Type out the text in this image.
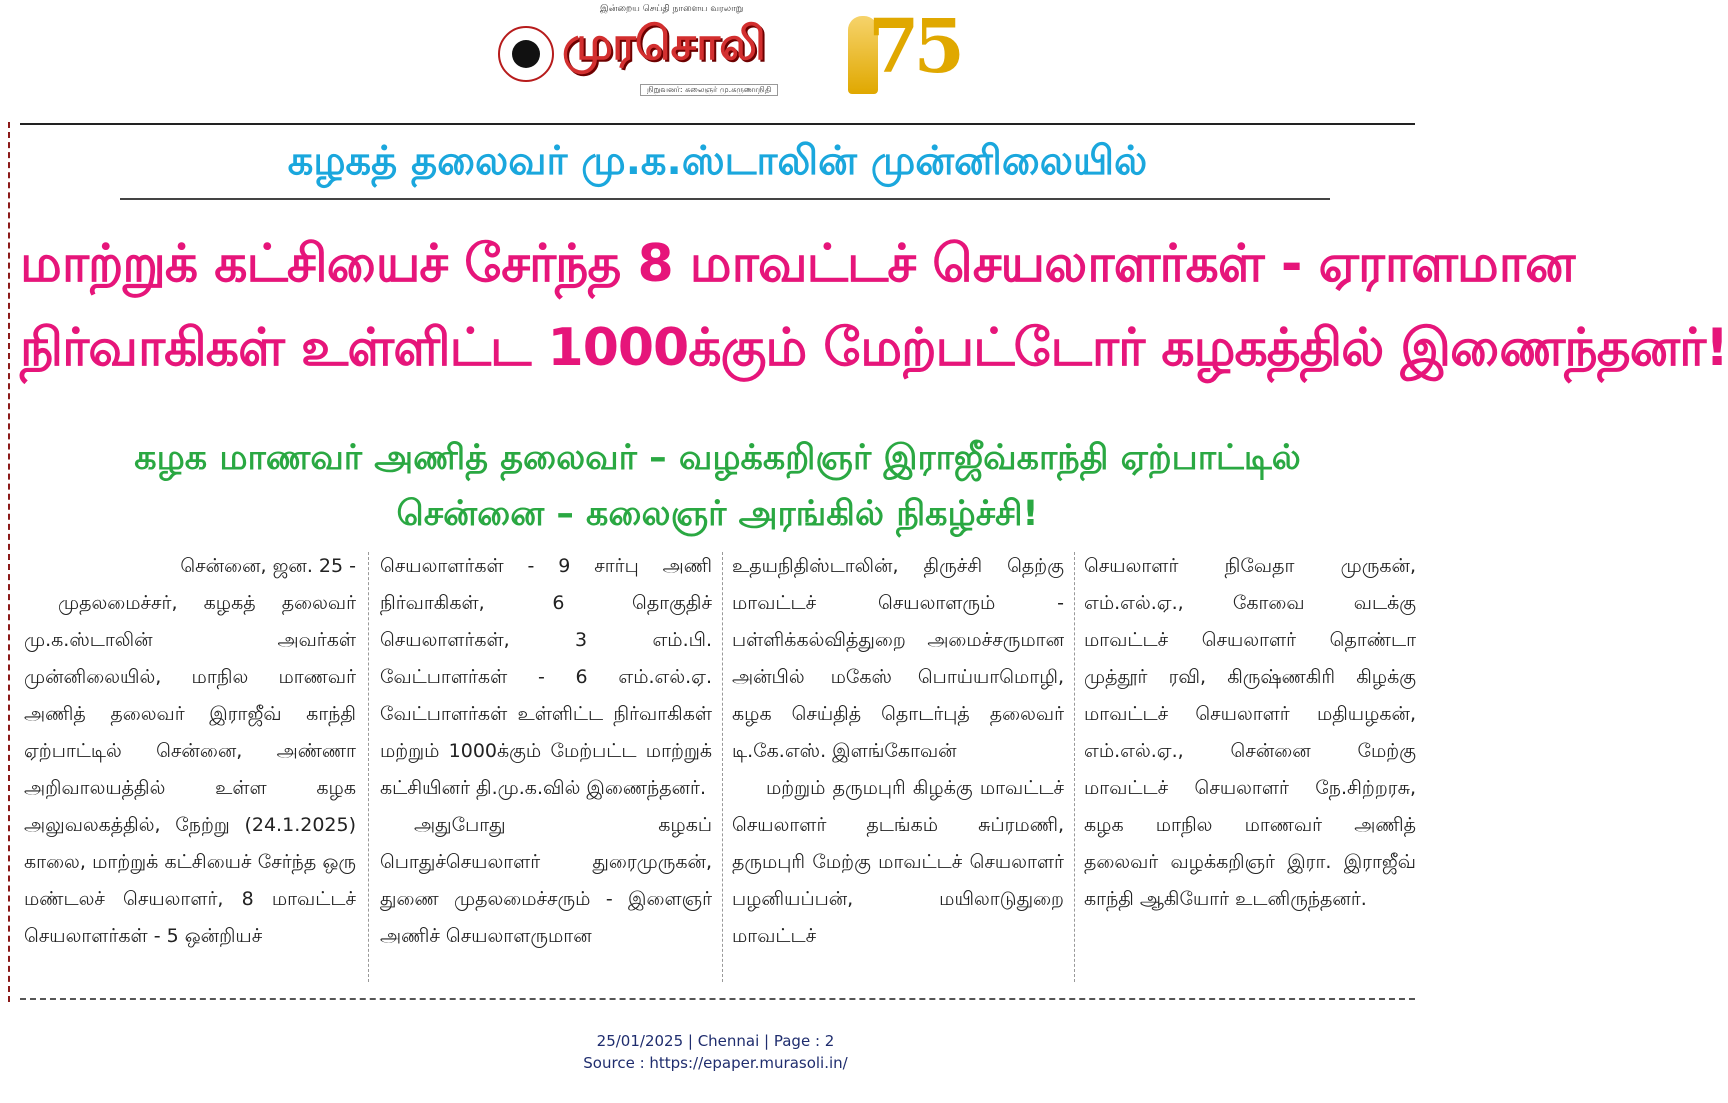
இன்றைய செய்தி நாளைய வரலாறு
முரசொலி
நிறுவனர்: கலைஞர் மு.கருணாநிதி 75
கழகத் தலைவர் மு.க.ஸ்டாலின் முன்னிலையில்
மாற்றுக் கட்சியைச் சேர்ந்த 8 மாவட்டச் செயலாளர்கள் - ஏராளமான
நிர்வாகிகள் உள்ளிட்ட 1000க்கும் மேற்பட்டோர் கழகத்தில் இணைந்தனர்!
கழக மாணவர் அணித் தலைவர் – வழக்கறிஞர் இராஜீவ்காந்தி ஏற்பாட்டில்
சென்னை – கலைஞர் அரங்கில் நிகழ்ச்சி!

சென்னை, ஜன. 25 -

முதலமைச்சர், கழகத் தலைவர் மு.க.ஸ்டாலின் அவர்கள் முன்னிலையில், மாநில மாணவர் அணித் தலைவர் இராஜீவ் காந்தி ஏற்பாட்டில் சென்னை, அண்ணா அறிவாலயத்தில் உள்ள கழக அலுவலகத்தில், நேற்று (24.1.2025) காலை, மாற்றுக் கட்சியைச் சேர்ந்த ஒரு மண்டலச் செயலாளர், 8 மாவட்டச் செயலாளர்கள் - 5 ஒன்றியச்

செயலாளர்கள் - 9 சார்பு அணி நிர்வாகிகள், 6 தொகுதிச் செயலாளர்கள், 3 எம்.பி. வேட்பாளர்கள் - 6 எம்.எல்.ஏ. வேட்பாளர்கள் உள்ளிட்ட நிர்வாகிகள் மற்றும் 1000க்கும் மேற்பட்ட மாற்றுக் கட்சியினர் தி.மு.க.வில் இணைந்தனர்.

அதுபோது கழகப் பொதுச்செயலாளர் துரைமுருகன், துணை முதலமைச்சரும் - இளைஞர் அணிச் செயலாளருமான

உதயநிதிஸ்டாலின், திருச்சி தெற்கு மாவட்டச் செயலாளரும் - பள்ளிக்கல்வித்துறை அமைச்சருமான அன்பில் மகேஸ் பொய்யாமொழி, கழக செய்தித் தொடர்புத் தலைவர் டி.கே.எஸ். இளங்கோவன்

மற்றும் தருமபுரி கிழக்கு மாவட்டச் செயலாளர் தடங்கம் சுப்ரமணி, தருமபுரி மேற்கு மாவட்டச் செயலாளர் பழனியப்பன், மயிலாடுதுறை மாவட்டச்

செயலாளர் நிவேதா முருகன், எம்.எல்.ஏ., கோவை வடக்கு மாவட்டச் செயலாளர் தொண்டா முத்தூர் ரவி, கிருஷ்ணகிரி கிழக்கு மாவட்டச் செயலாளர் மதியழகன், எம்.எல்.ஏ., சென்னை மேற்கு மாவட்டச் செயலாளர் நே.சிற்றரசு, கழக மாநில மாணவர் அணித் தலைவர் வழக்கறிஞர் இரா. இராஜீவ் காந்தி ஆகியோர் உடனிருந்தனர்.

25/01/2025 | Chennai | Page : 2
Source : https://epaper.murasoli.in/
